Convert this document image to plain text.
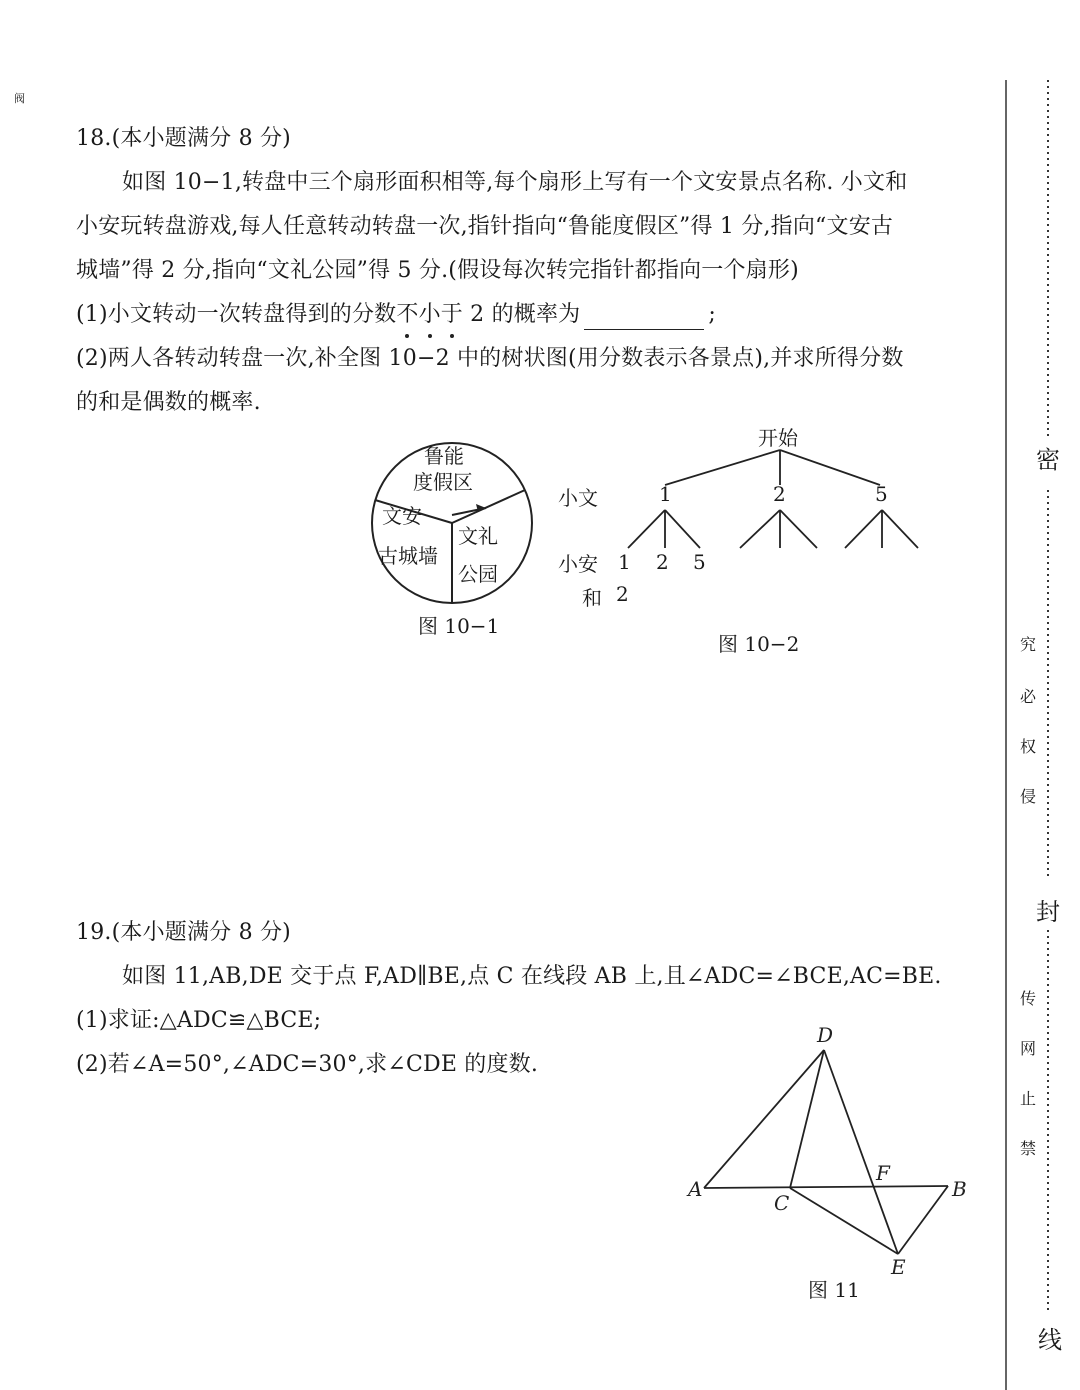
阀
18.(本小题满分 8 分)
如图 10−1,转盘中三个扇形面积相等,每个扇形上写有一个文安景点名称. 小文和
小安玩转盘游戏,每人任意转动转盘一次,指针指向“鲁能度假区”得 1 分,指向“文安古
城墙”得 2 分,指向“文礼公园”得 5 分.(假设每次转完指针都指向一个扇形)
(1)小文转动一次转盘得到的分数不小于 2 的概率为	;
(2)两人各转动转盘一次,补全图 10−2 中的树状图(用分数表示各景点),并求所得分数
的和是偶数的概率.
鲁能
度假区
文安
古城墙
文礼
公园
图 10−1
开始
小文	1	2	5
小安 1 2 5
和 2
图 10−2
19.(本小题满分 8 分)
如图 11,AB,DE 交于点 F,AD∥BE,点 C 在线段 AB 上,且∠ADC=∠BCE,AC=BE.
(1)求证:△ADC≌△BCE;
(2)若∠A=50°,∠ADC=30°,求∠CDE 的度数.
D
A
C
F
B
E
图 11
密
究
必
权
侵
封
传
网
止
禁
线
